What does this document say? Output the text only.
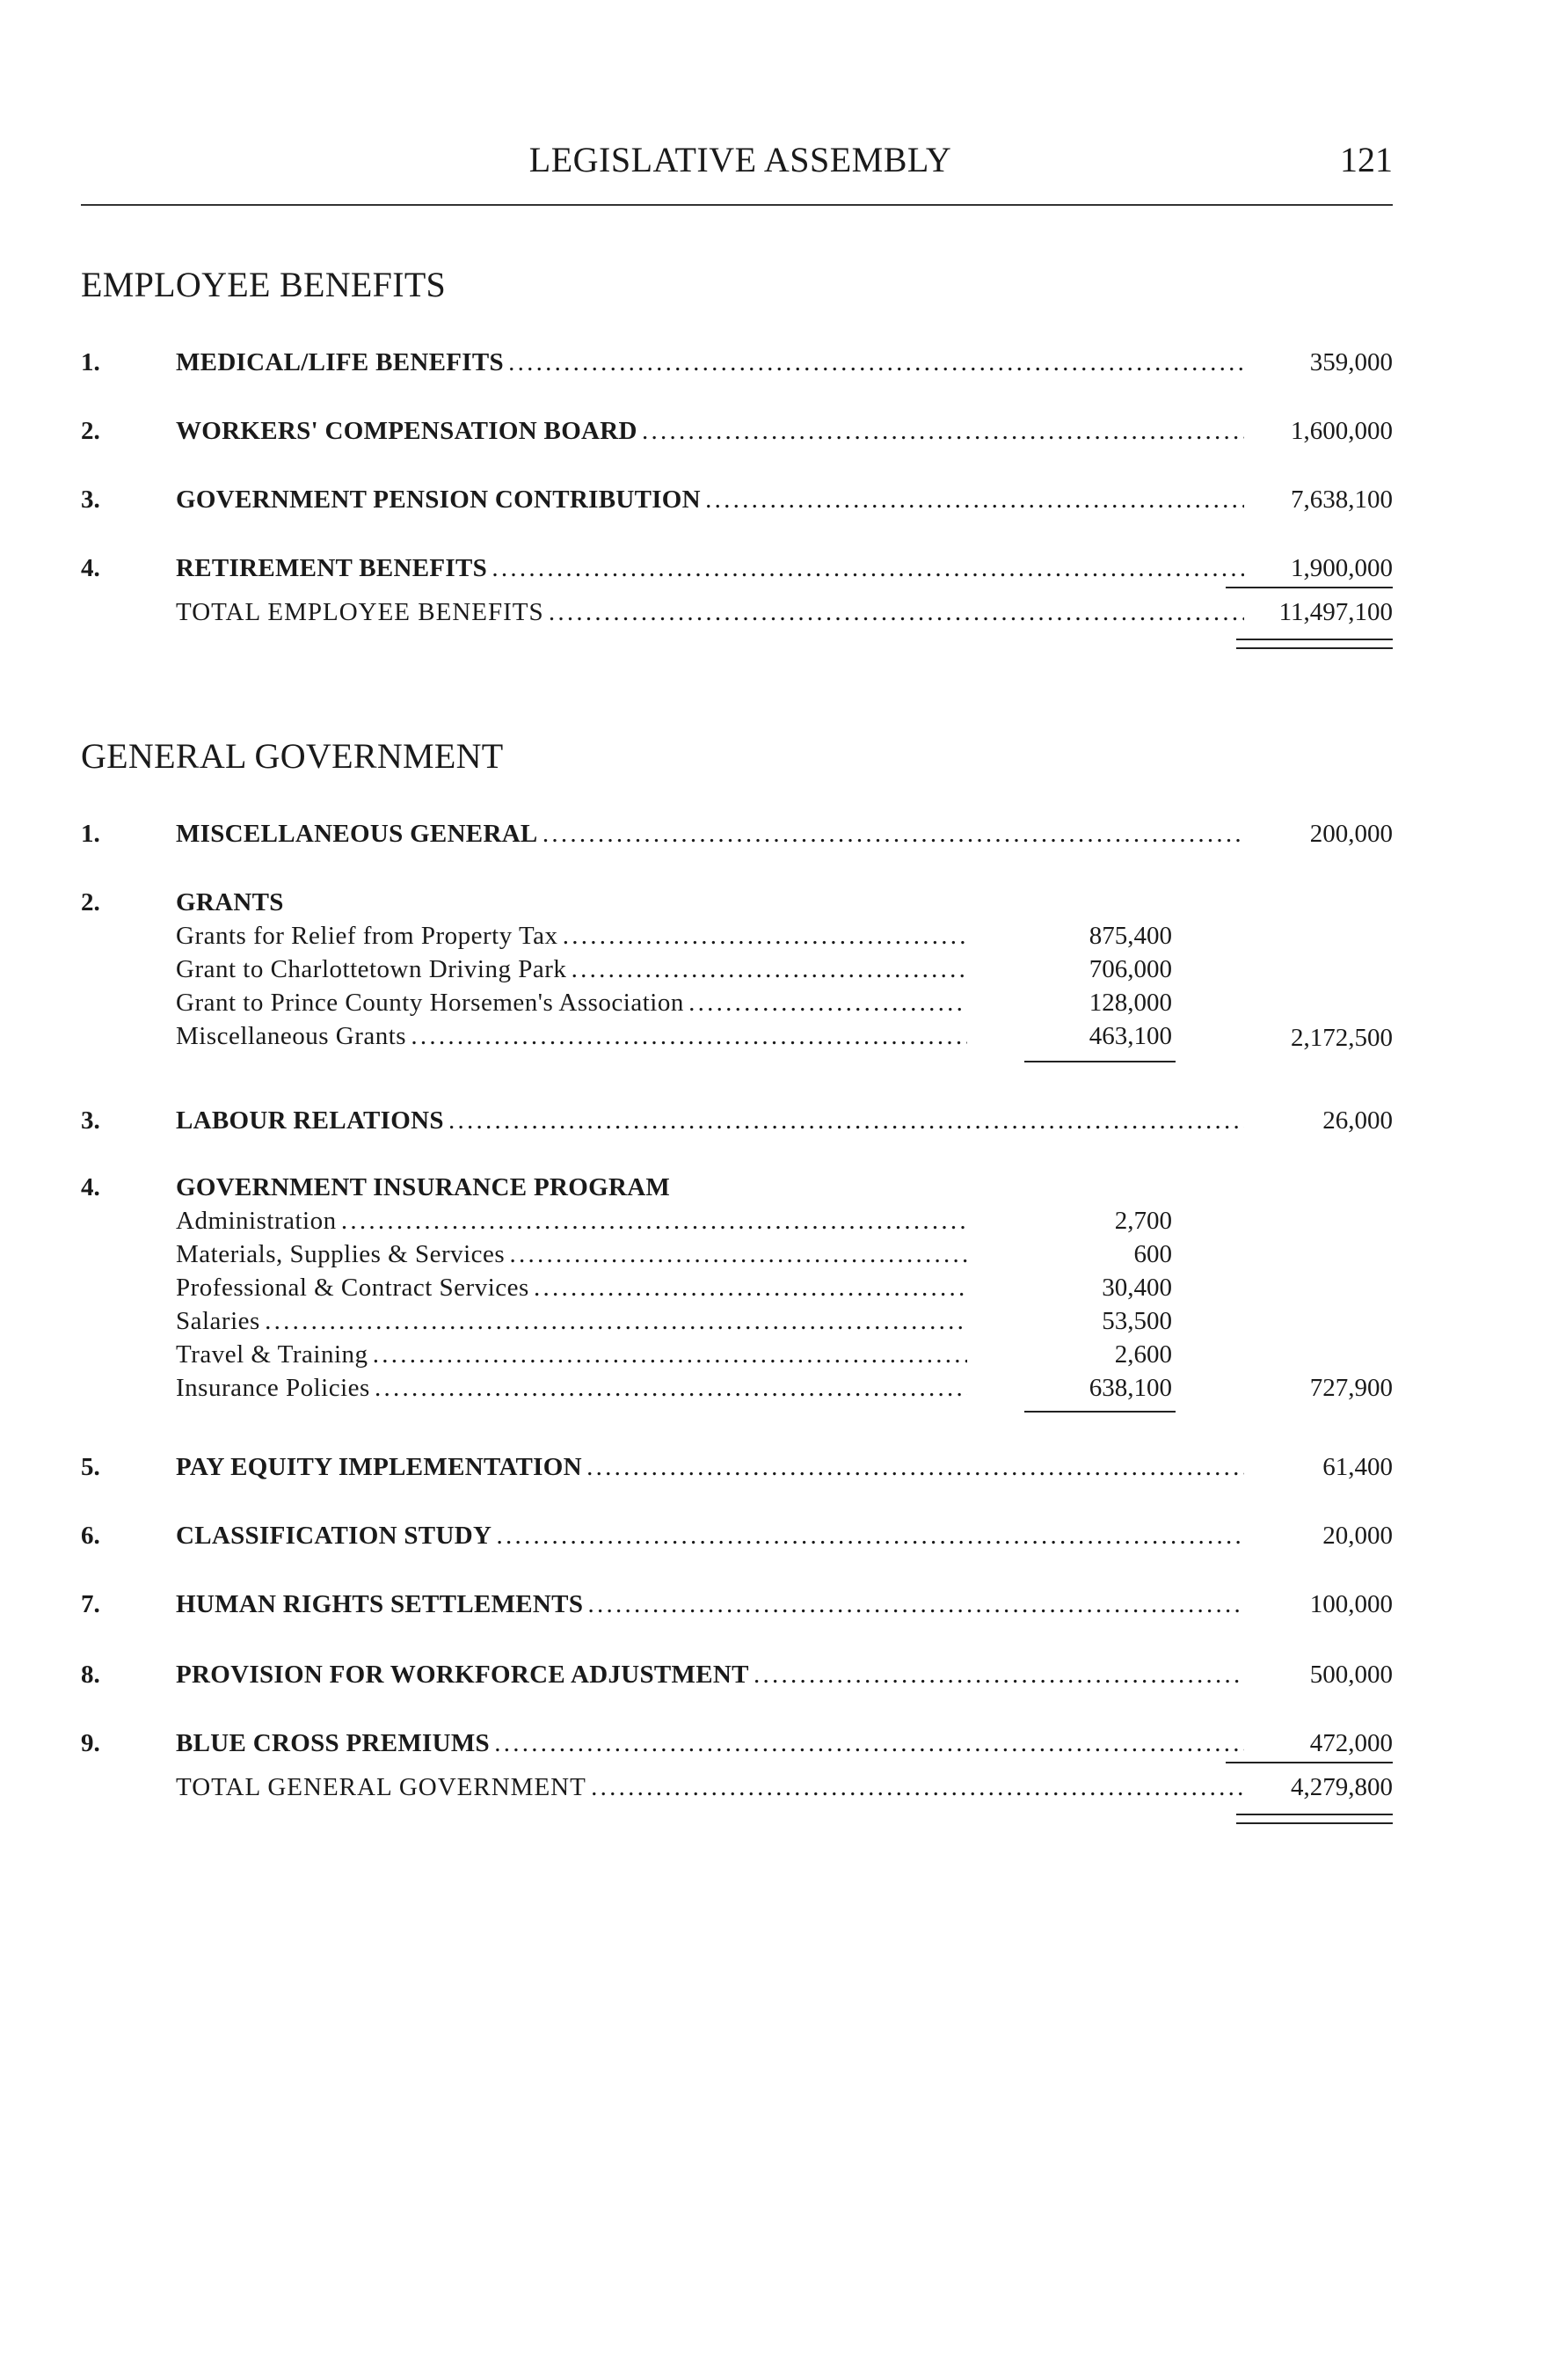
LEGISLATIVE ASSEMBLY	121
EMPLOYEE BENEFITS
1.	MEDICAL/LIFE BENEFITS . . .	359,000
2.	WORKERS' COMPENSATION BOARD . . .	1,600,000
3.	GOVERNMENT PENSION CONTRIBUTION . . .	7,638,100
4.	RETIREMENT BENEFITS . . .	1,900,000
TOTAL EMPLOYEE BENEFITS . . .	11,497,100
GENERAL GOVERNMENT
1.	MISCELLANEOUS GENERAL . . .	200,000
2.	GRANTS
Grants for Relief from Property Tax . . .	875,400
Grant to Charlottetown Driving Park . . .	706,000
Grant to Prince County Horsemen's Association . . .	128,000
Miscellaneous Grants . . .	463,100	2,172,500
3.	LABOUR RELATIONS . . .	26,000
4.	GOVERNMENT INSURANCE PROGRAM
Administration . . .	2,700
Materials, Supplies & Services . . .	600
Professional & Contract Services . . .	30,400
Salaries . . .	53,500
Travel & Training . . .	2,600
Insurance Policies . . .	638,100	727,900
5.	PAY EQUITY IMPLEMENTATION . . .	61,400
6.	CLASSIFICATION STUDY . . .	20,000
7.	HUMAN RIGHTS SETTLEMENTS . . .	100,000
8.	PROVISION FOR WORKFORCE ADJUSTMENT . . .	500,000
9.	BLUE CROSS PREMIUMS . . .	472,000
TOTAL GENERAL GOVERNMENT . . .	4,279,800
